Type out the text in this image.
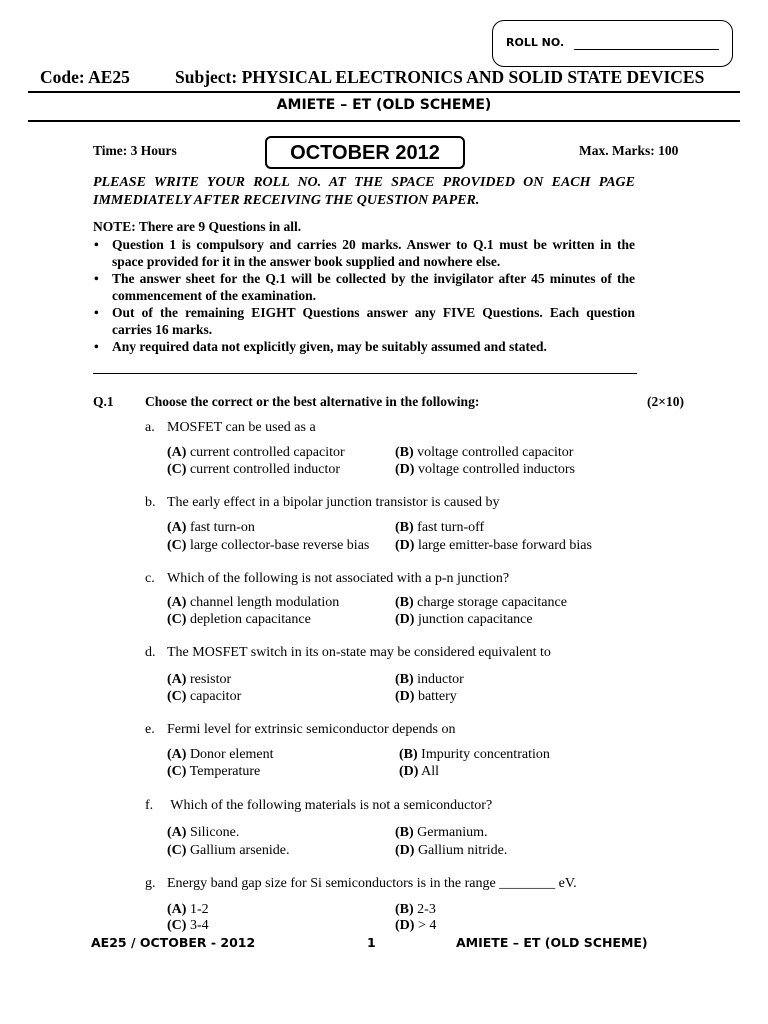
ROLL NO.
Code: AE25	Subject: PHYSICAL ELECTRONICS AND SOLID STATE DEVICES
AMIETE – ET (OLD SCHEME)
Time: 3 Hours	OCTOBER 2012	Max. Marks: 100
PLEASE WRITE YOUR ROLL NO. AT THE SPACE PROVIDED ON EACH PAGE IMMEDIATELY AFTER RECEIVING THE QUESTION PAPER.
NOTE: There are 9 Questions in all.
• Question 1 is compulsory and carries 20 marks. Answer to Q.1 must be written in the space provided for it in the answer book supplied and nowhere else.
• The answer sheet for the Q.1 will be collected by the invigilator after 45 minutes of the commencement of the examination.
• Out of the remaining EIGHT Questions answer any FIVE Questions. Each question carries 16 marks.
• Any required data not explicitly given, may be suitably assumed and stated.
Q.1 Choose the correct or the best alternative in the following:	(2×10)
a. MOSFET can be used as a
(A) current controlled capacitor	(B) voltage controlled capacitor
(C) current controlled inductor	(D) voltage controlled inductors
b. The early effect in a bipolar junction transistor is caused by
(A) fast turn-on	(B) fast turn-off
(C) large collector-base reverse bias (D) large emitter-base forward bias
c. Which of the following is not associated with a p-n junction?
(A) channel length modulation	(B) charge storage capacitance
(C) depletion capacitance	(D) junction capacitance
d. The MOSFET switch in its on-state may be considered equivalent to
(A) resistor	(B) inductor
(C) capacitor	(D) battery
e. Fermi level for extrinsic semiconductor depends on
(A) Donor element	(B) Impurity concentration
(C) Temperature	(D) All
f. Which of the following materials is not a semiconductor?
(A) Silicone.	(B) Germanium.
(C) Gallium arsenide.	(D) Gallium nitride.
g. Energy band gap size for Si semiconductors is in the range ________ eV.
(A) 1-2	(B) 2-3
(C) 3-4	(D) > 4
AE25 / OCTOBER - 2012	1	AMIETE – ET (OLD SCHEME)
